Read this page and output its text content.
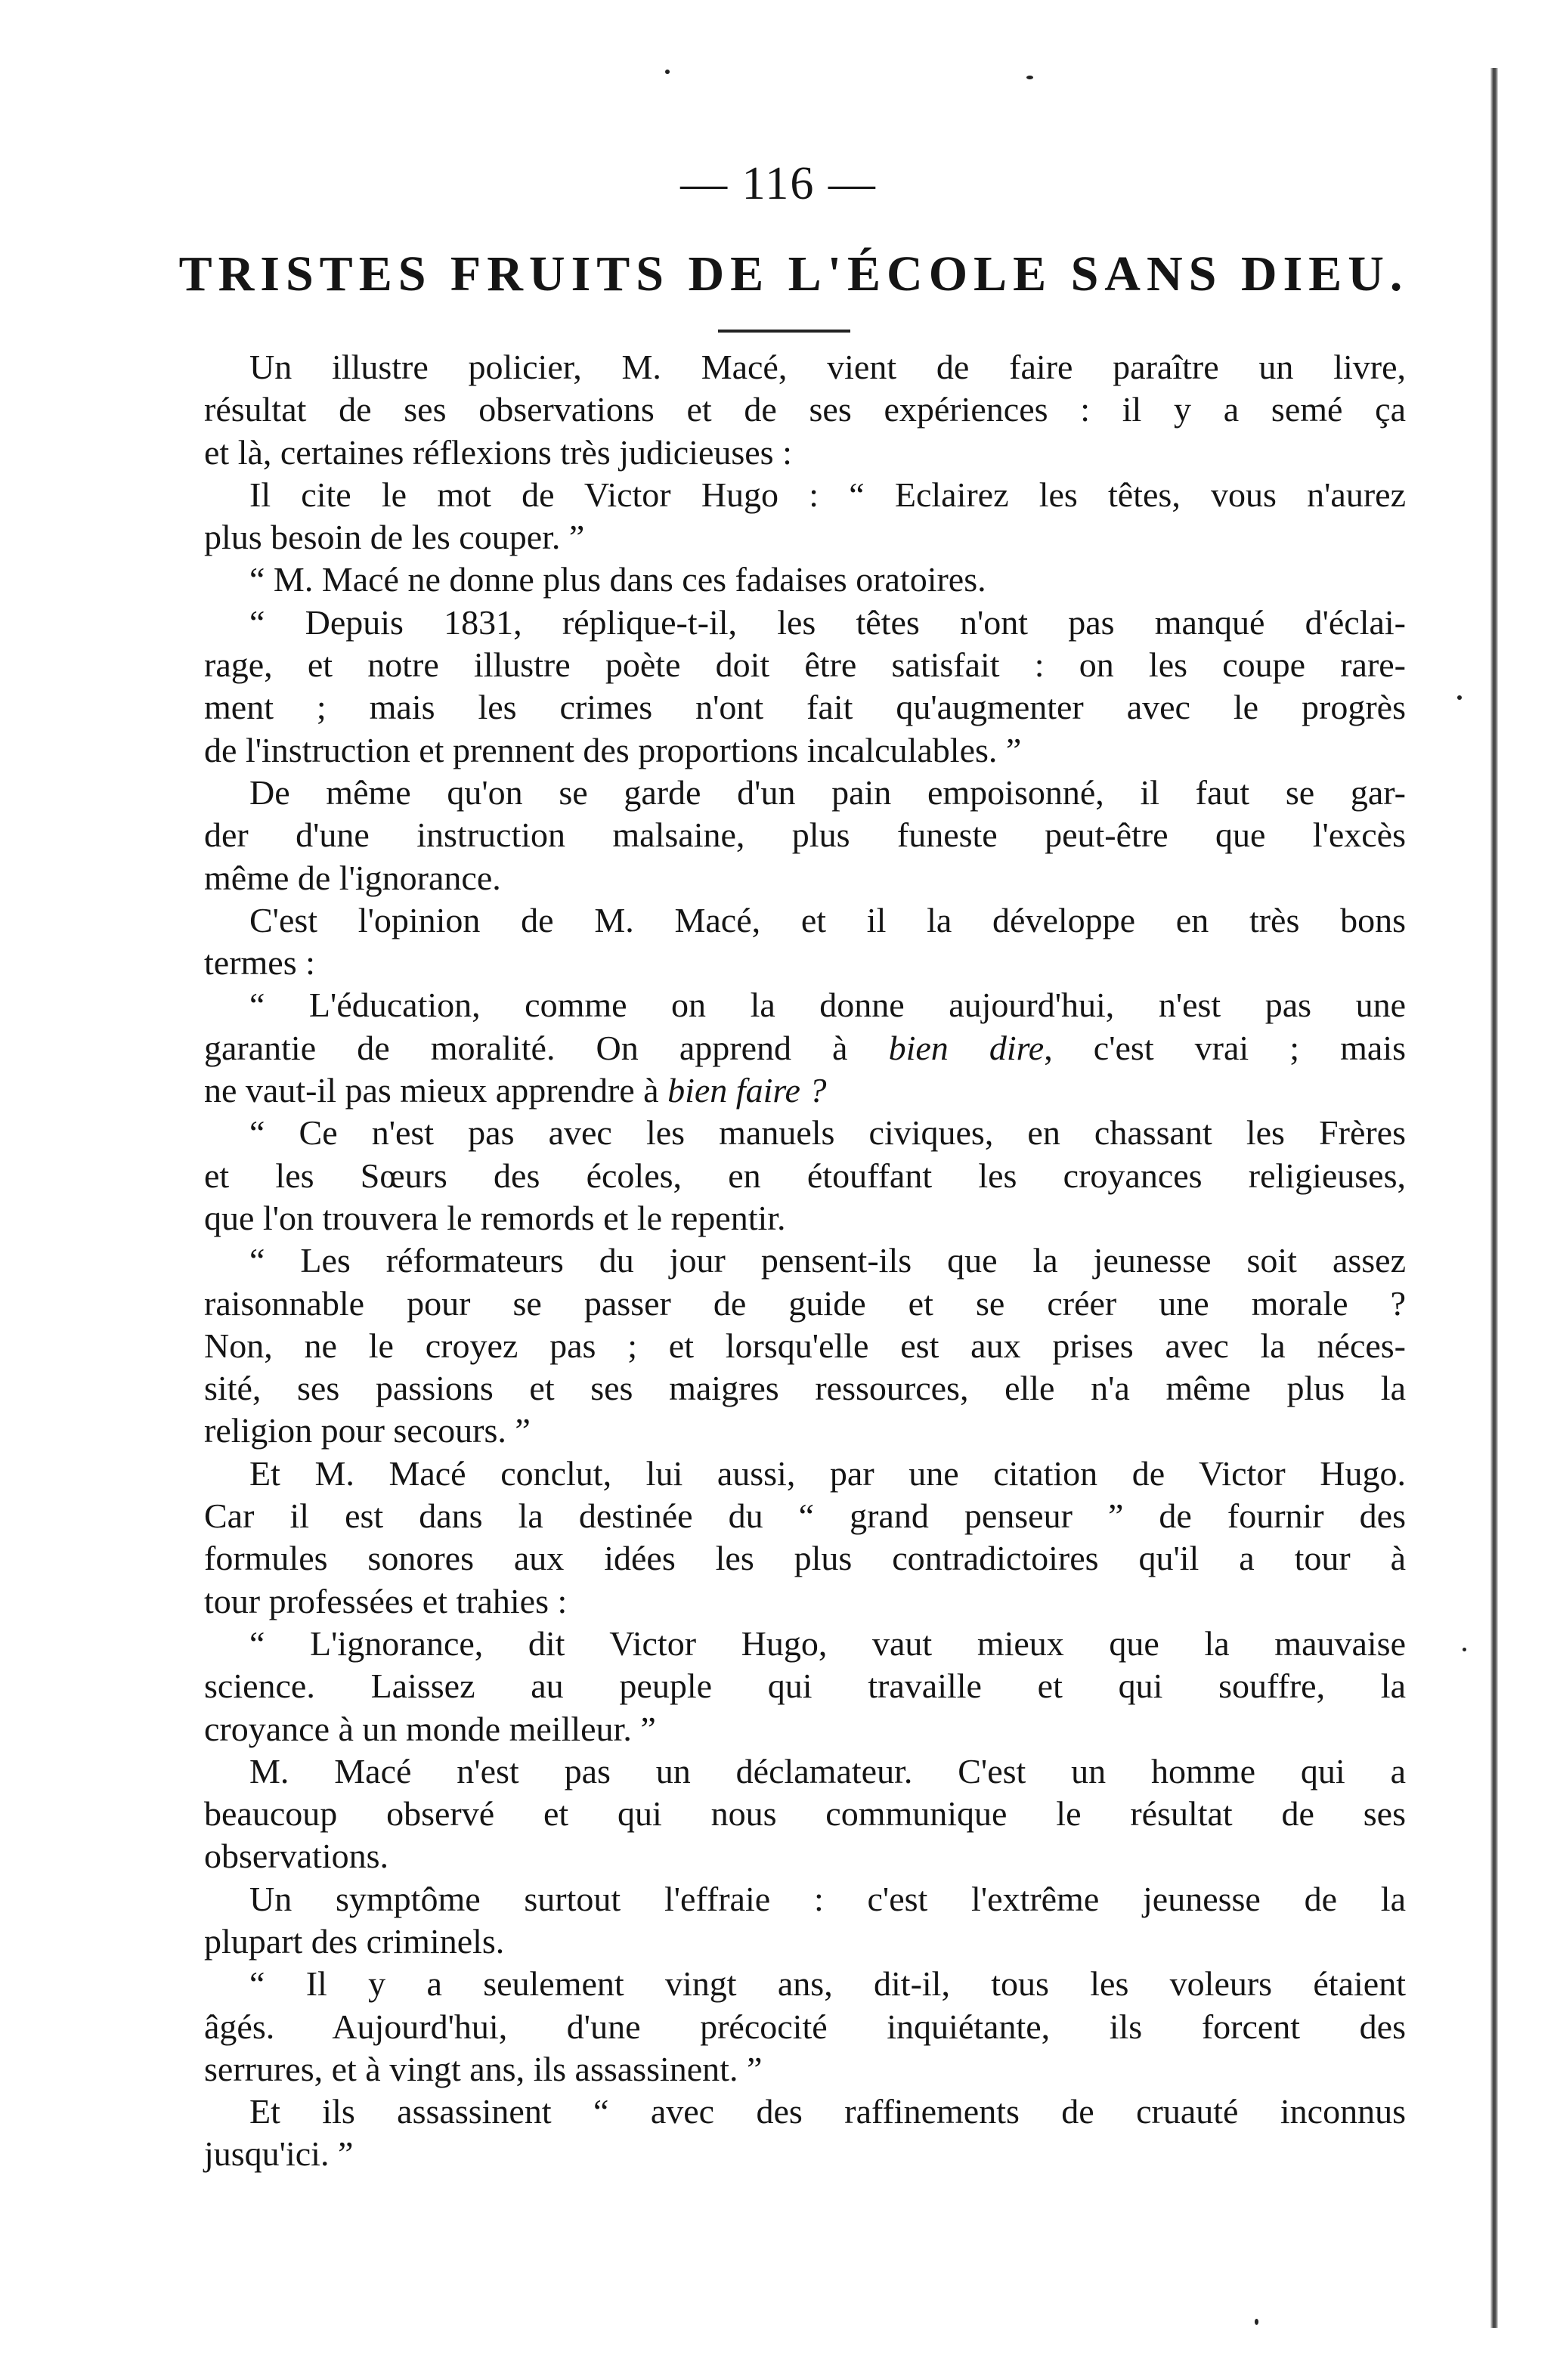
— 116 —
TRISTES FRUITS DE L'ÉCOLE SANS DIEU.
Un illustre policier, M. Macé, vient de faire paraître un livre,
résultat de ses observations et de ses expériences : il y a semé ça
et là, certaines réflexions très judicieuses :
Il cite le mot de Victor Hugo : “ Eclairez les têtes, vous n'aurez
plus besoin de les couper. ”
“ M. Macé ne donne plus dans ces fadaises oratoires.
“ Depuis 1831, réplique-t-il, les têtes n'ont pas manqué d'éclai-
rage, et notre illustre poète doit être satisfait : on les coupe rare-
ment ; mais les crimes n'ont fait qu'augmenter avec le progrès
de l'instruction et prennent des proportions incalculables. ”
De même qu'on se garde d'un pain empoisonné, il faut se gar-
der d'une instruction malsaine, plus funeste peut-être que l'excès
même de l'ignorance.
C'est l'opinion de M. Macé, et il la développe en très bons
termes :
“ L'éducation, comme on la donne aujourd'hui, n'est pas une
garantie de moralité. On apprend à bien dire, c'est vrai ; mais
ne vaut-il pas mieux apprendre à bien faire ?
“ Ce n'est pas avec les manuels civiques, en chassant les Frères
et les Sœurs des écoles, en étouffant les croyances religieuses,
que l'on trouvera le remords et le repentir.
“ Les réformateurs du jour pensent-ils que la jeunesse soit assez
raisonnable pour se passer de guide et se créer une morale ?
Non, ne le croyez pas ; et lorsqu'elle est aux prises avec la néces-
sité, ses passions et ses maigres ressources, elle n'a même plus la
religion pour secours. ”
Et M. Macé conclut, lui aussi, par une citation de Victor Hugo.
Car il est dans la destinée du “ grand penseur ” de fournir des
formules sonores aux idées les plus contradictoires qu'il a tour à
tour professées et trahies :
“ L'ignorance, dit Victor Hugo, vaut mieux que la mauvaise
science. Laissez au peuple qui travaille et qui souffre, la
croyance à un monde meilleur. ”
M. Macé n'est pas un déclamateur. C'est un homme qui a
beaucoup observé et qui nous communique le résultat de ses
observations.
Un symptôme surtout l'effraie : c'est l'extrême jeunesse de la
plupart des criminels.
“ Il y a seulement vingt ans, dit-il, tous les voleurs étaient
âgés. Aujourd'hui, d'une précocité inquiétante, ils forcent des
serrures, et à vingt ans, ils assassinent. ”
Et ils assassinent “ avec des raffinements de cruauté inconnus
jusqu'ici. ”
